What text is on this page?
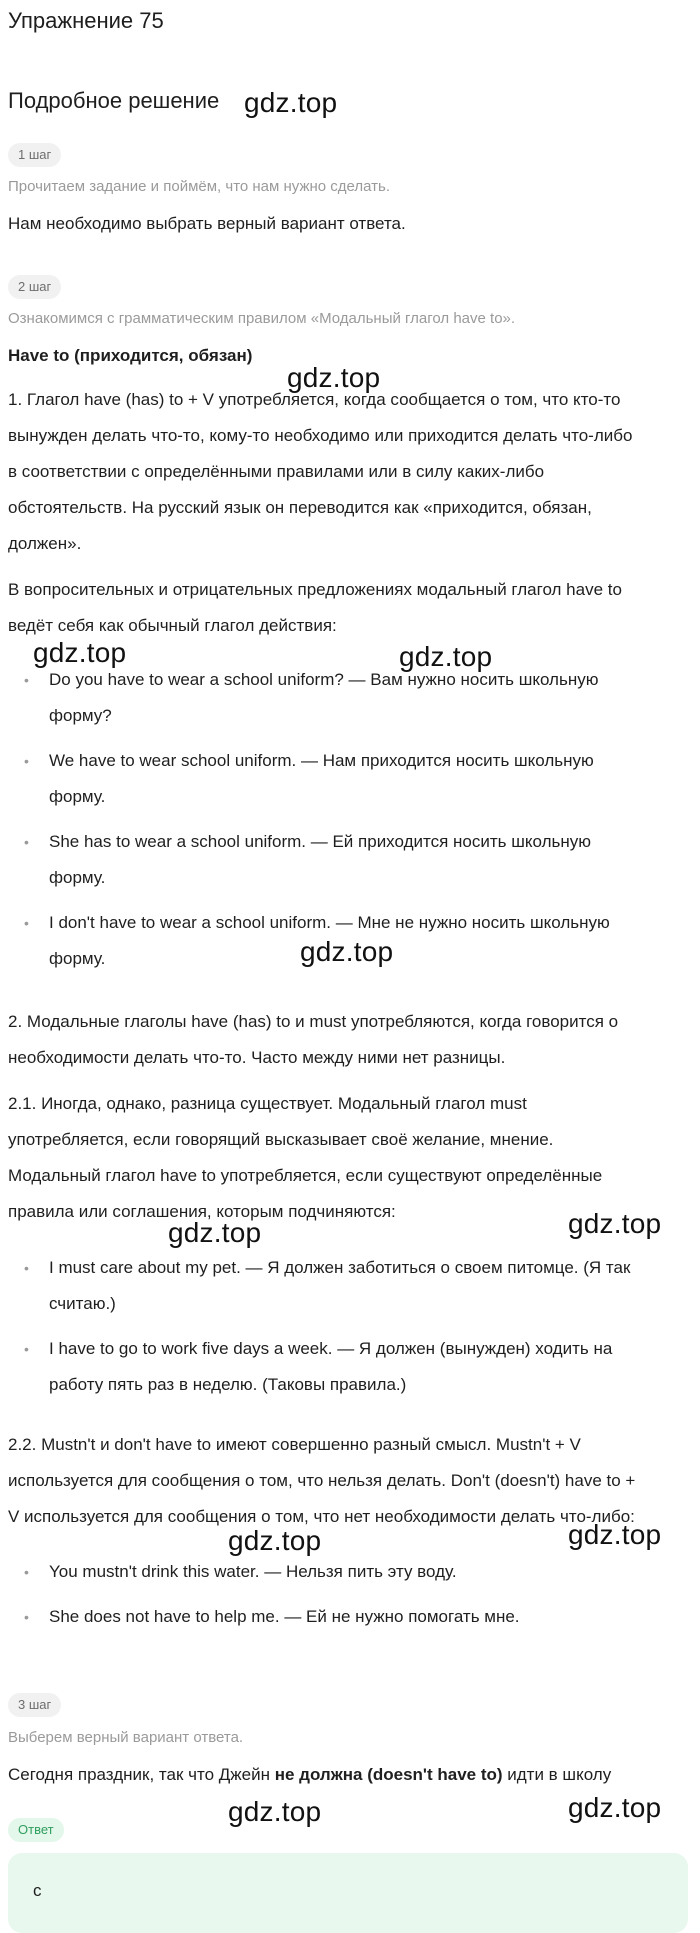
Упражнение 75
Подробное решение
1 шаг
Прочитаем задание и поймём, что нам нужно сделать.
Нам необходимо выбрать верный вариант ответа.
2 шаг
Ознакомимся с грамматическим правилом «Модальный глагол have to».
Have to (приходится, обязан)
1. Глагол have (has) to + V употребляется, когда сообщается о том, что кто-то
вынужден делать что-то, кому-то необходимо или приходится делать что-либо
в соответствии с определёнными правилами или в силу каких-либо
обстоятельств. На русский язык он переводится как «приходится, обязан,
должен».
В вопросительных и отрицательных предложениях модальный глагол have to
ведёт себя как обычный глагол действия:
• Do you have to wear a school uniform? — Вам нужно носить школьную
форму?
• We have to wear school uniform. — Нам приходится носить школьную
форму.
• She has to wear a school uniform. — Ей приходится носить школьную
форму.
• I don't have to wear a school uniform. — Мне не нужно носить школьную
форму.
2. Модальные глаголы have (has) to и must употребляются, когда говорится о
необходимости делать что-то. Часто между ними нет разницы.
2.1. Иногда, однако, разница существует. Модальный глагол must
употребляется, если говорящий высказывает своё желание, мнение.
Модальный глагол have to употребляется, если существуют определённые
правила или соглашения, которым подчиняются:
• I must care about my pet. — Я должен заботиться о своем питомце. (Я так
считаю.)
• I have to go to work five days a week. — Я должен (вынужден) ходить на
работу пять раз в неделю. (Таковы правила.)
2.2. Mustn't и don't have to имеют совершенно разный смысл. Mustn't + V
используется для сообщения о том, что нельзя делать. Don't (doesn't) have to +
V используется для сообщения о том, что нет необходимости делать что-либо:
• You mustn't drink this water. — Нельзя пить эту воду.
• She does not have to help me. — Ей не нужно помогать мне.
3 шаг
Выберем верный вариант ответа.
Сегодня праздник, так что Джейн не должна (doesn't have to) идти в школу
Ответ
c
gdz.top
gdz.top
gdz.top	gdz.top
gdz.top
gdz.top	gdz.top
gdz.top	gdz.top
gdz.top	gdz.top
